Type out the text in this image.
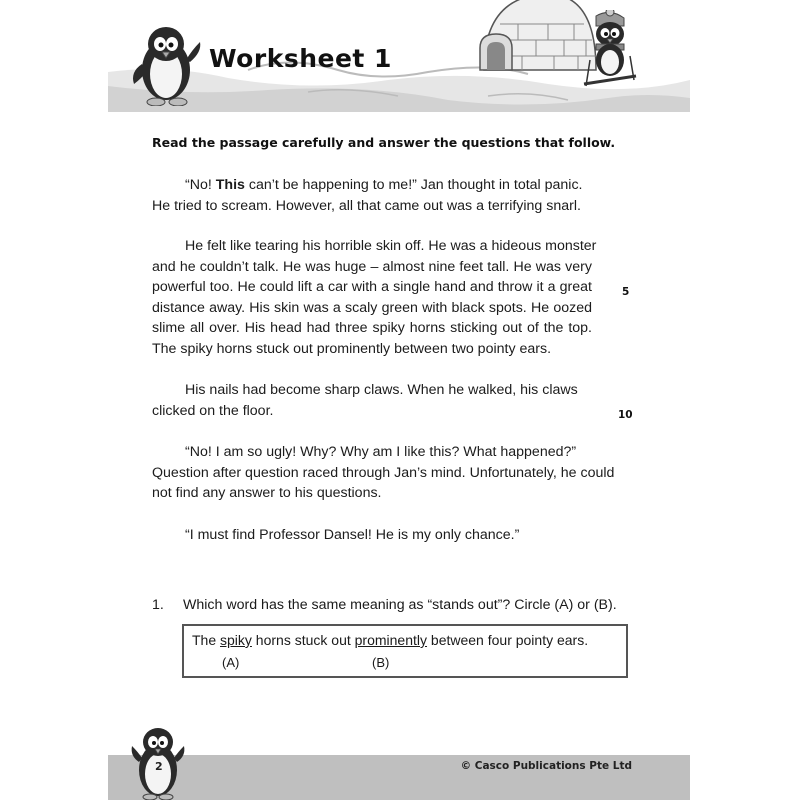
Worksheet 1
Read the passage carefully and answer the questions that follow.
“No! This can’t be happening to me!” Jan thought in total panic.
He tried to scream. However, all that came out was a terrifying snarl.
He felt like tearing his horrible skin off. He was a hideous monster
and he couldn’t talk. He was huge – almost nine feet tall. He was very
powerful too. He could lift a car with a single hand and throw it a great
distance away. His skin was a scaly green with black spots. He oozed
slime all over. His head had three spiky horns sticking out of the top.
The spiky horns stuck out prominently between two pointy ears.
His nails had become sharp claws. When he walked, his claws
clicked on the floor.
“No! I am so ugly! Why? Why am I like this? What happened?”
Question after question raced through Jan’s mind. Unfortunately, he could
not find any answer to his questions.
“I must find Professor Dansel! He is my only chance.”
5
10
1. Which word has the same meaning as “stands out”? Circle (A) or (B).
The spiky horns stuck out prominently between four pointy ears.
(A)	(B)
© Casco Publications Pte Ltd
2
